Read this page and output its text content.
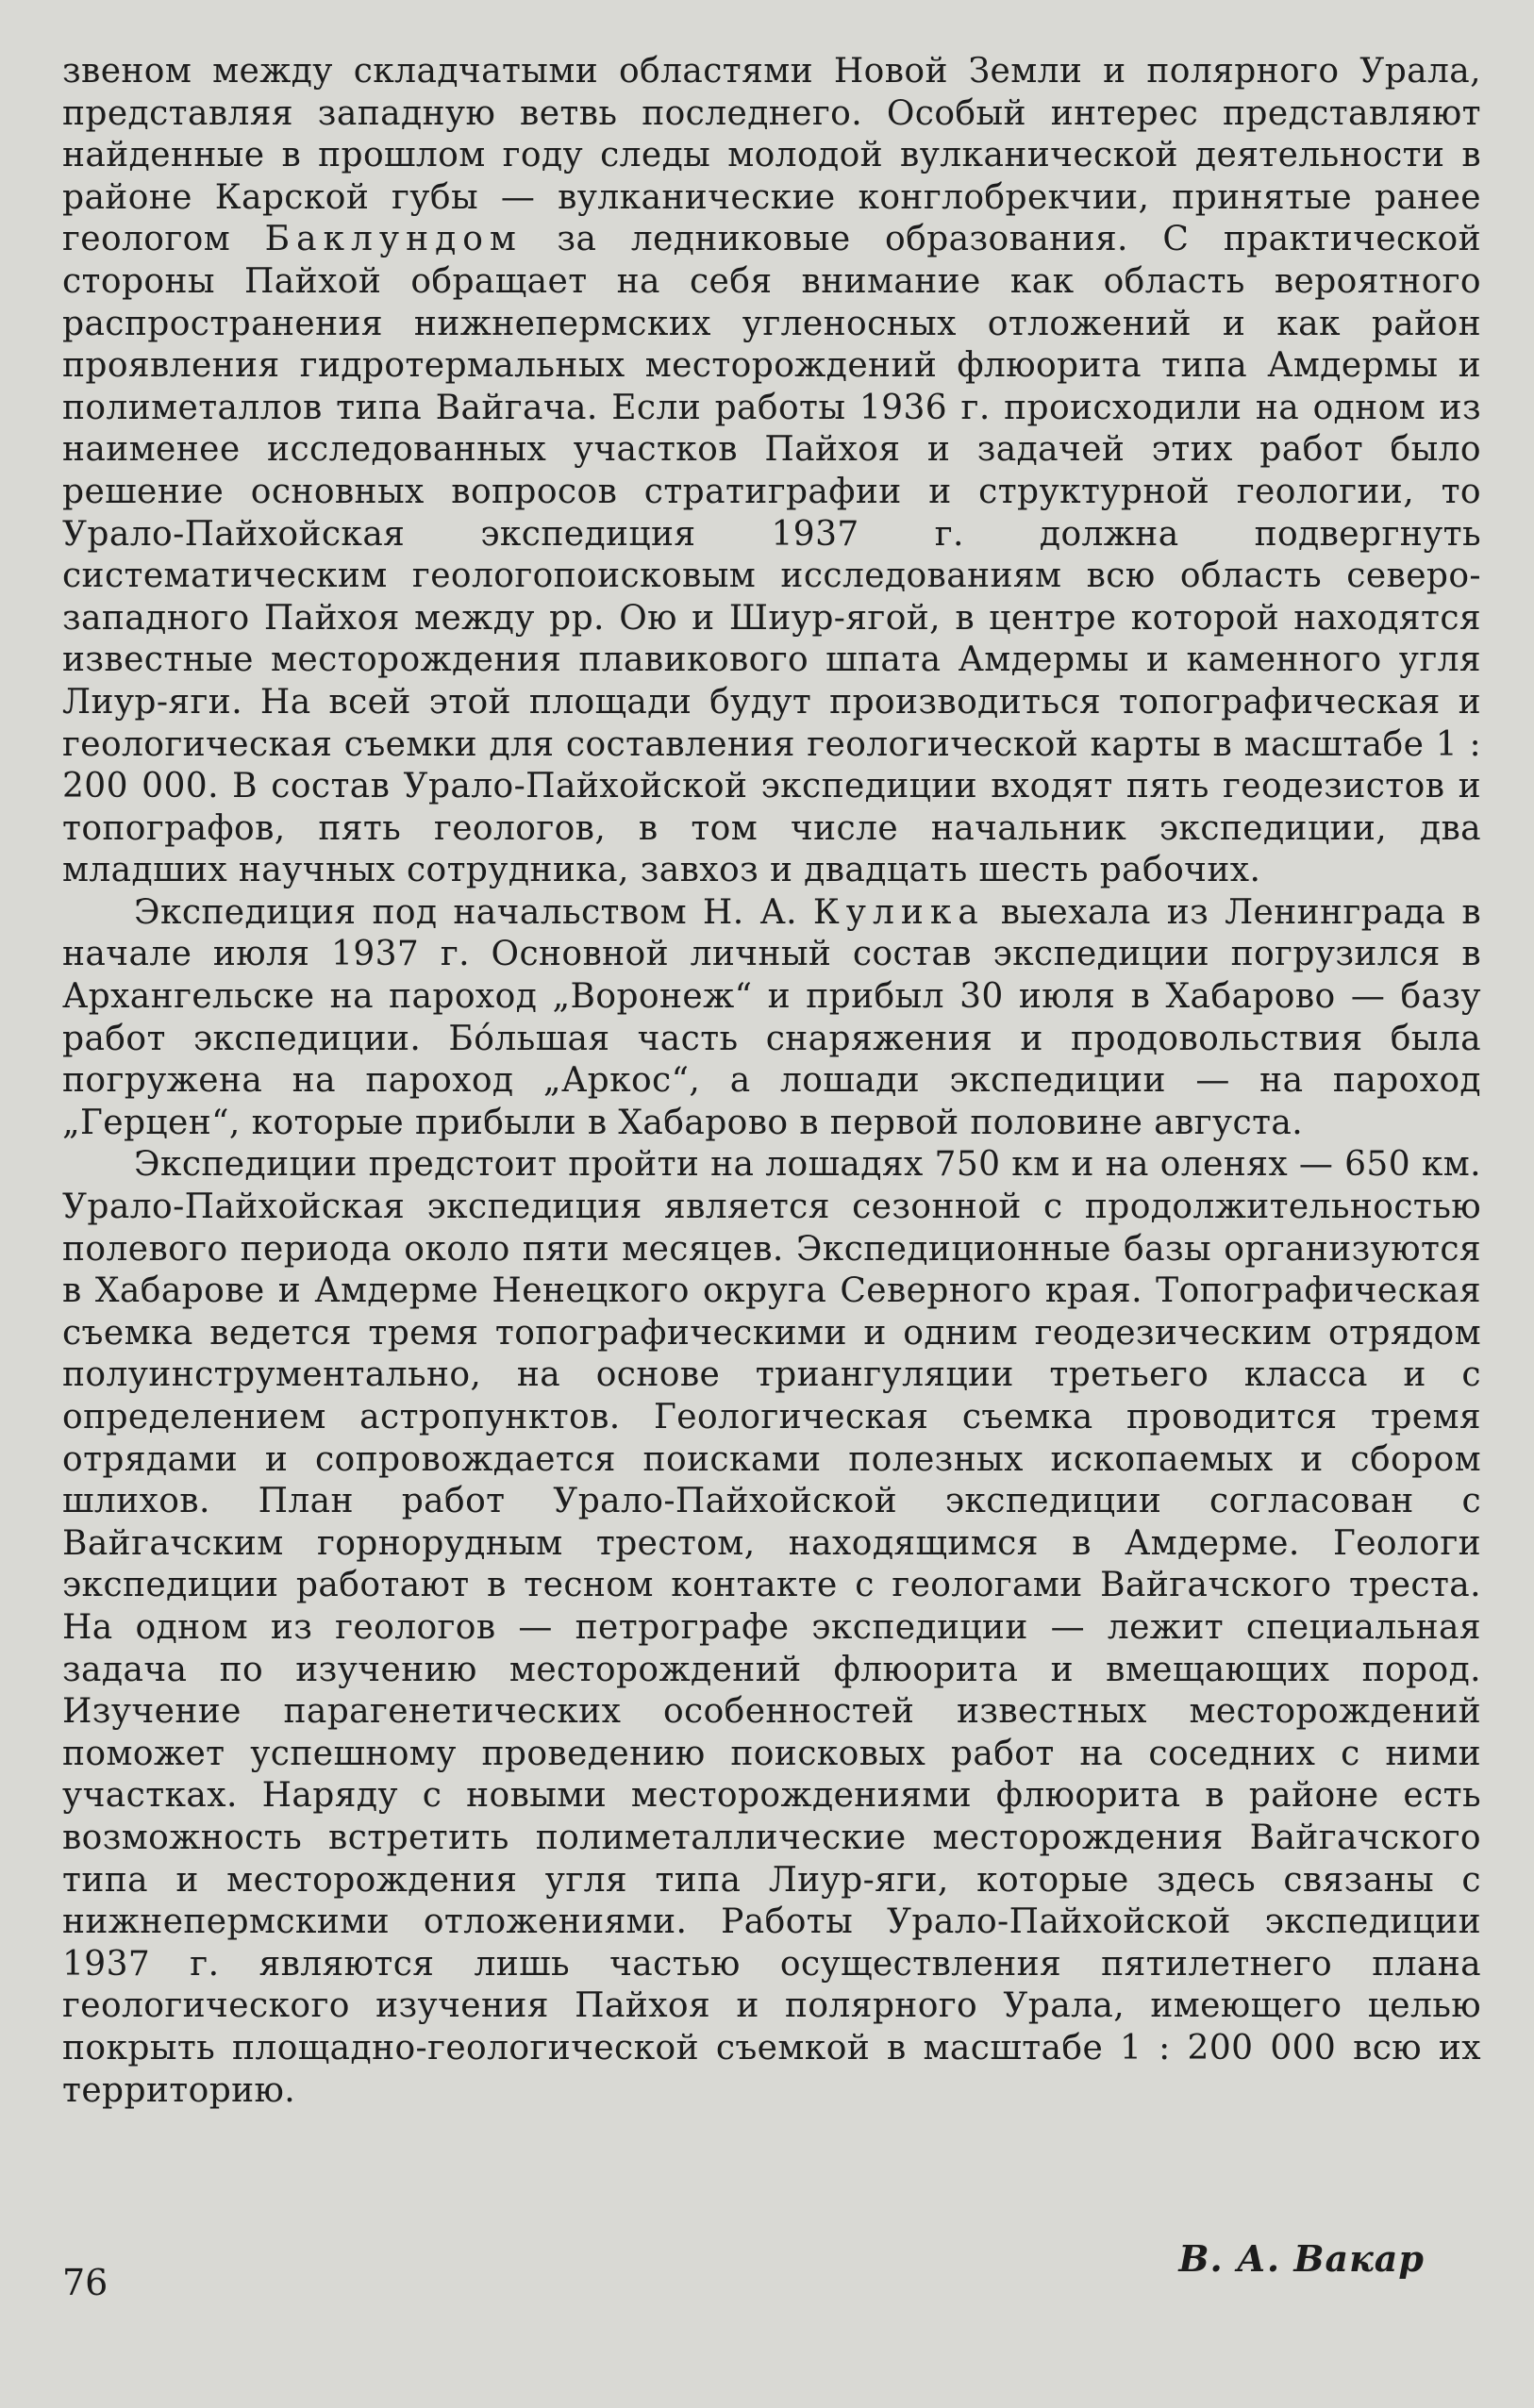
звеном между складчатыми областями Новой Земли и полярного Урала, представляя западную ветвь последнего. Особый интерес представляют найденные в прошлом году следы молодой вулканической деятельности в районе Карской губы — вулканические конглобрекчии, принятые ранее геологом Баклундом за ледниковые образования. С практической стороны Пайхой обращает на себя внимание как область вероятного распространения нижнепермских угленосных отложений и как район проявления гидротермальных месторождений флюорита типа Амдермы и полиметаллов типа Вайгача. Если работы 1936 г. происходили на одном из наименее исследованных участков Пайхоя и задачей этих работ было решение основных вопросов стратиграфии и структурной геологии, то Урало-Пайхойская экспедиция 1937 г. должна подвергнуть систематическим геологопоисковым исследованиям всю область северо-западного Пайхоя между рр. Ою и Шиур-ягой, в центре которой находятся известные месторождения плавикового шпата Амдермы и каменного угля Лиур-яги. На всей этой площади будут производиться топографическая и геологическая съемки для составления геологической карты в масштабе 1 : 200 000. В состав Урало-Пайхойской экспедиции входят пять геодезистов и топографов, пять геологов, в том числе начальник экспедиции, два младших научных сотрудника, завхоз и двадцать шесть рабочих.

Экспедиция под начальством Н. А. Кулика выехала из Ленинграда в начале июля 1937 г. Основной личный состав экспедиции погрузился в Архангельске на пароход „Воронеж“ и прибыл 30 июля в Хабарово — базу работ экспедиции. Бо́льшая часть снаряжения и продовольствия была погружена на пароход „Аркос“, а лошади экспедиции — на пароход „Герцен“, которые прибыли в Хабарово в первой половине августа.

Экспедиции предстоит пройти на лошадях 750 км и на оленях — 650 км. Урало-Пайхойская экспедиция является сезонной с продолжительностью полевого периода около пяти месяцев. Экспедиционные базы организуются в Хабарове и Амдерме Ненецкого округа Северного края. Топографическая съемка ведется тремя топографическими и одним геодезическим отрядом полуинструментально, на основе триангуляции третьего класса и с определением астропунктов. Геологическая съемка проводится тремя отрядами и сопровождается поисками полезных ископаемых и сбором шлихов. План работ Урало-Пайхойской экспедиции согласован с Вайгачским горнорудным трестом, находящимся в Амдерме. Геологи экспедиции работают в тесном контакте с геологами Вайгачского треста. На одном из геологов — петрографе экспедиции — лежит специальная задача по изучению месторождений флюорита и вмещающих пород. Изучение парагенетических особенностей известных месторождений поможет успешному проведению поисковых работ на соседних с ними участках. Наряду с новыми месторождениями флюорита в районе есть возможность встретить полиметаллические месторождения Вайгачского типа и месторождения угля типа Лиур-яги, которые здесь связаны с нижнепермскими отложениями. Работы Урало-Пайхойской экспедиции 1937 г. являются лишь частью осуществления пятилетнего плана геологического изучения Пайхоя и полярного Урала, имеющего целью покрыть площадно-геологической съемкой в масштабе 1 : 200 000 всю их территорию.

В. А. Вакар
76
